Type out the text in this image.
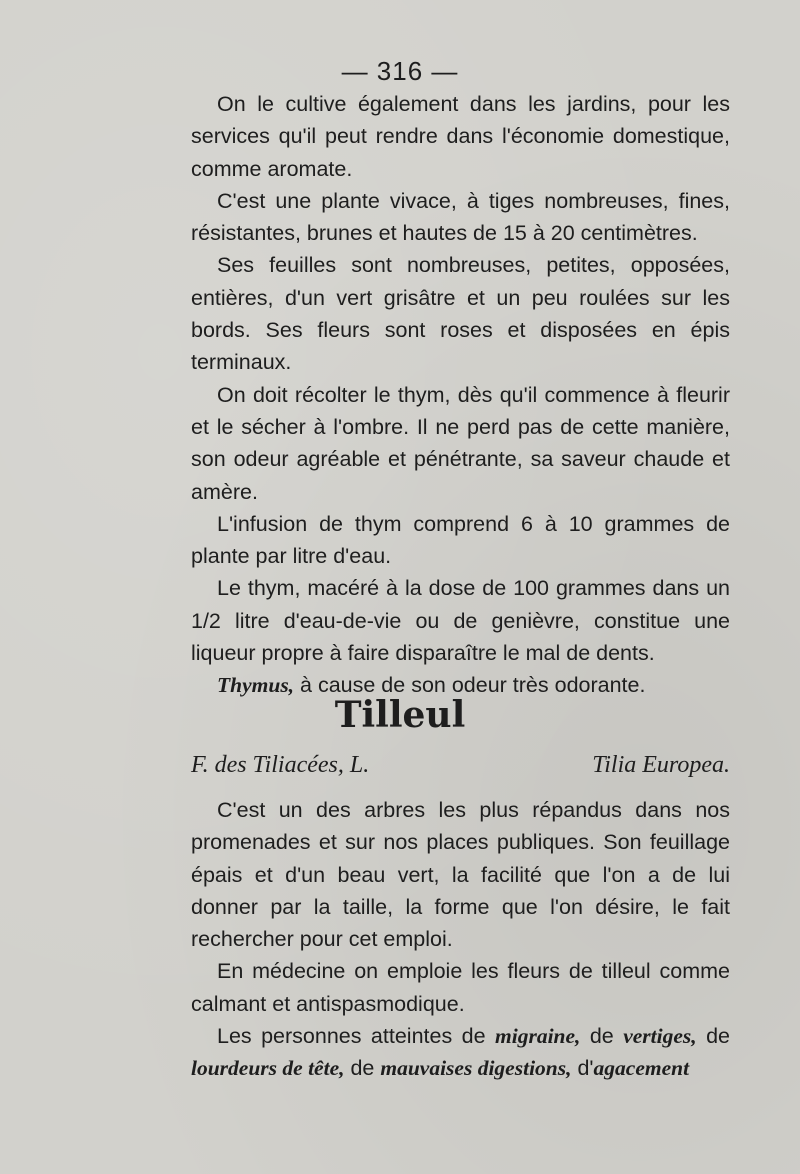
— 316 —

On le cultive également dans les jardins, pour les services qu'il peut rendre dans l'économie domestique, comme aromate.

C'est une plante vivace, à tiges nombreuses, fines, résistantes, brunes et hautes de 15 à 20 centimètres.

Ses feuilles sont nombreuses, petites, opposées, entières, d'un vert grisâtre et un peu roulées sur les bords. Ses fleurs sont roses et disposées en épis terminaux.

On doit récolter le thym, dès qu'il commence à fleurir et le sécher à l'ombre. Il ne perd pas de cette manière, son odeur agréable et pénétrante, sa saveur chaude et amère.

L'infusion de thym comprend 6 à 10 grammes de plante par litre d'eau.

Le thym, macéré à la dose de 100 grammes dans un 1/2 litre d'eau-de-vie ou de genièvre, constitue une liqueur propre à faire disparaître le mal de dents.

Thymus, à cause de son odeur très odorante.

Tilleul
F. des Tiliacées, L.	Tilia Europea.

C'est un des arbres les plus répandus dans nos promenades et sur nos places publiques. Son feuillage épais et d'un beau vert, la facilité que l'on a de lui donner par la taille, la forme que l'on désire, le fait rechercher pour cet emploi.

En médecine on emploie les fleurs de tilleul comme calmant et antispasmodique.

Les personnes atteintes de migraine, de vertiges, de lourdeurs de tête, de mauvaises digestions, d'agacement
